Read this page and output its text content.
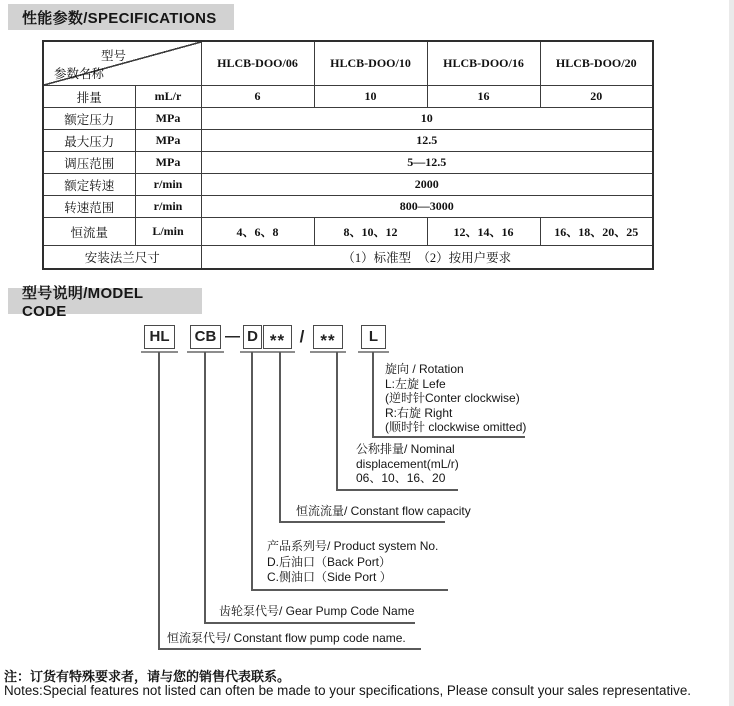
性能参数/SPECIFICATIONS
型号
参数名称		HLCB-DOO/06	HLCB-DOO/10	HLCB-DOO/16	HLCB-DOO/20
排量	mL/r	6	10	16	20
额定压力	MPa	10			
最大压力	MPa	12.5			
调压范围	MPa	5—12.5			
额定转速	r/min	2000			
转速范围	r/min	800—3000			
恒流量	L/min	4、6、8	8、10、12	12、14、16	16、18、20、25
安装法兰尺寸		（1）标准型　（2）按用户要求			
型号说明/MODEL CODE
HL	CB — D ** / **	L
旋向 / Rotation
L:左旋 Lefe
(逆时针Conter clockwise)
R:右旋 Right
(顺时针 clockwise omitted)
公称排量/ Nominal
displacement(mL/r)
06、10、16、20
恒流流量/ Constant flow capacity
产品系列号/ Product system No.
D.后油口（Back Port）
C.侧油口（Side Port ）
齿轮泵代号/ Gear Pump Code Name
恒流泵代号/ Constant flow pump code name.
注：订货有特殊要求者，请与您的销售代表联系。
Notes:Special features not listed can often be made to your specifications, Please consult your sales representative.
